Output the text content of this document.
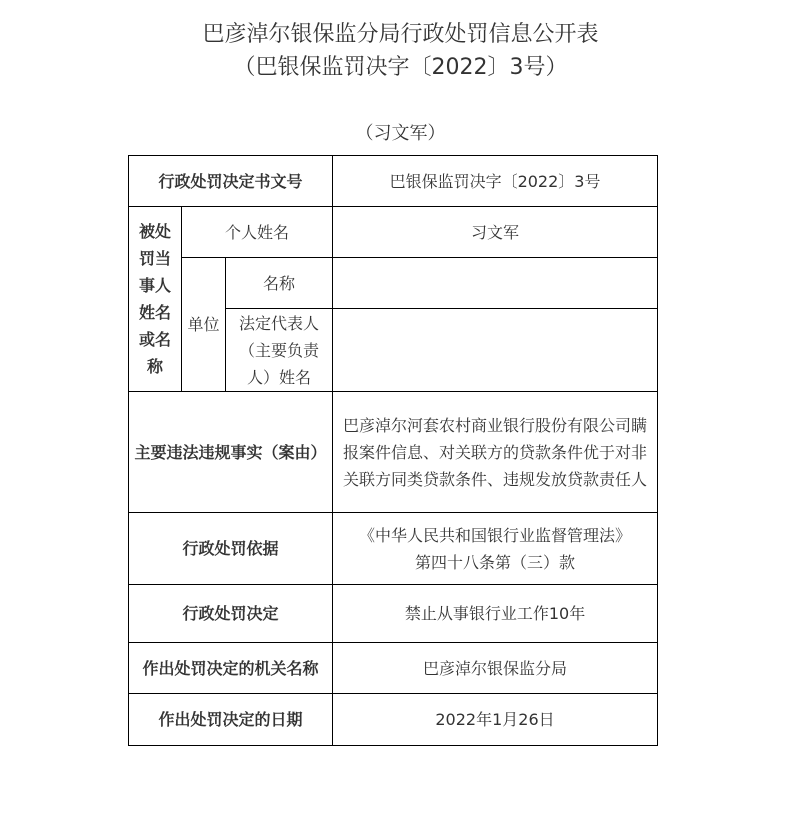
巴彦淖尔银保监分局行政处罚信息公开表
（巴银保监罚决字〔2022〕3号）
（习文军）
行政处罚决定书文号			巴银保监罚决字〔2022〕3号
被处罚当事人姓名或名称	个人姓名		习文军
	单位	名称	
		法定代表人（主要负责人）姓名	
主要违法违规事实（案由）			巴彦淖尔河套农村商业银行股份有限公司瞒报案件信息、对关联方的贷款条件优于对非关联方同类贷款条件、违规发放贷款责任人
行政处罚依据			《中华人民共和国银行业监督管理法》
第四十八条第（三）款

行政处罚决定			禁止从事银行业工作10年
作出处罚决定的机关名称			巴彦淖尔银保监分局
作出处罚决定的日期			2022年1月26日
